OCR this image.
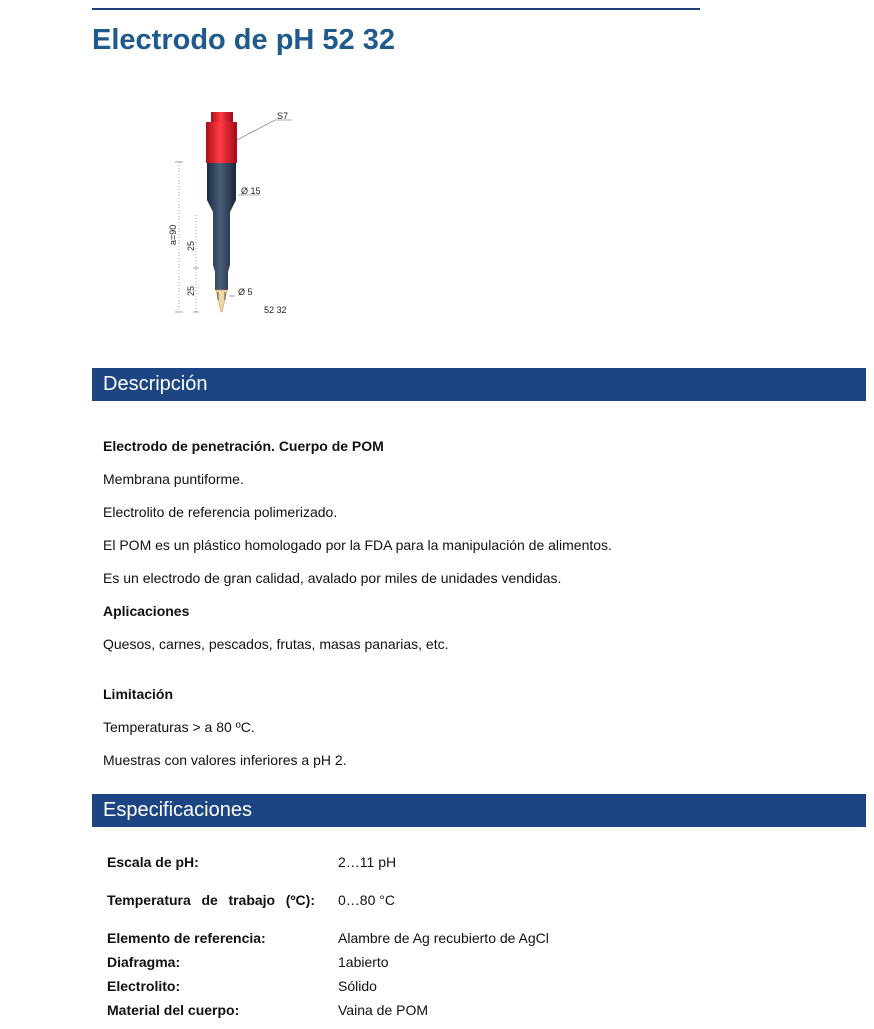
Electrodo de pH 52 32
S7
Ø 15
Ø 5
52 32
a=90
25
25
Descripción

Electrodo de penetración. Cuerpo de POM

Membrana puntiforme.

Electrolito de referencia polimerizado.

El POM es un plástico homologado por la FDA para la manipulación de alimentos.

Es un electrodo de gran calidad, avalado por miles de unidades vendidas.

Aplicaciones

Quesos, carnes, pescados, frutas, masas panarias, etc.

Limitación

Temperaturas > a 80 ºC.

Muestras con valores inferiores a pH 2.

Especificaciones
Escala de pH:	2…11 pH
Temperatura de trabajo (ºC): 0…80 °C
Elemento de referencia:	Alambre de Ag recubierto de AgCl
Diafragma:	1abierto
Electrolito:	Sólido
Material del cuerpo:	Vaina de POM
